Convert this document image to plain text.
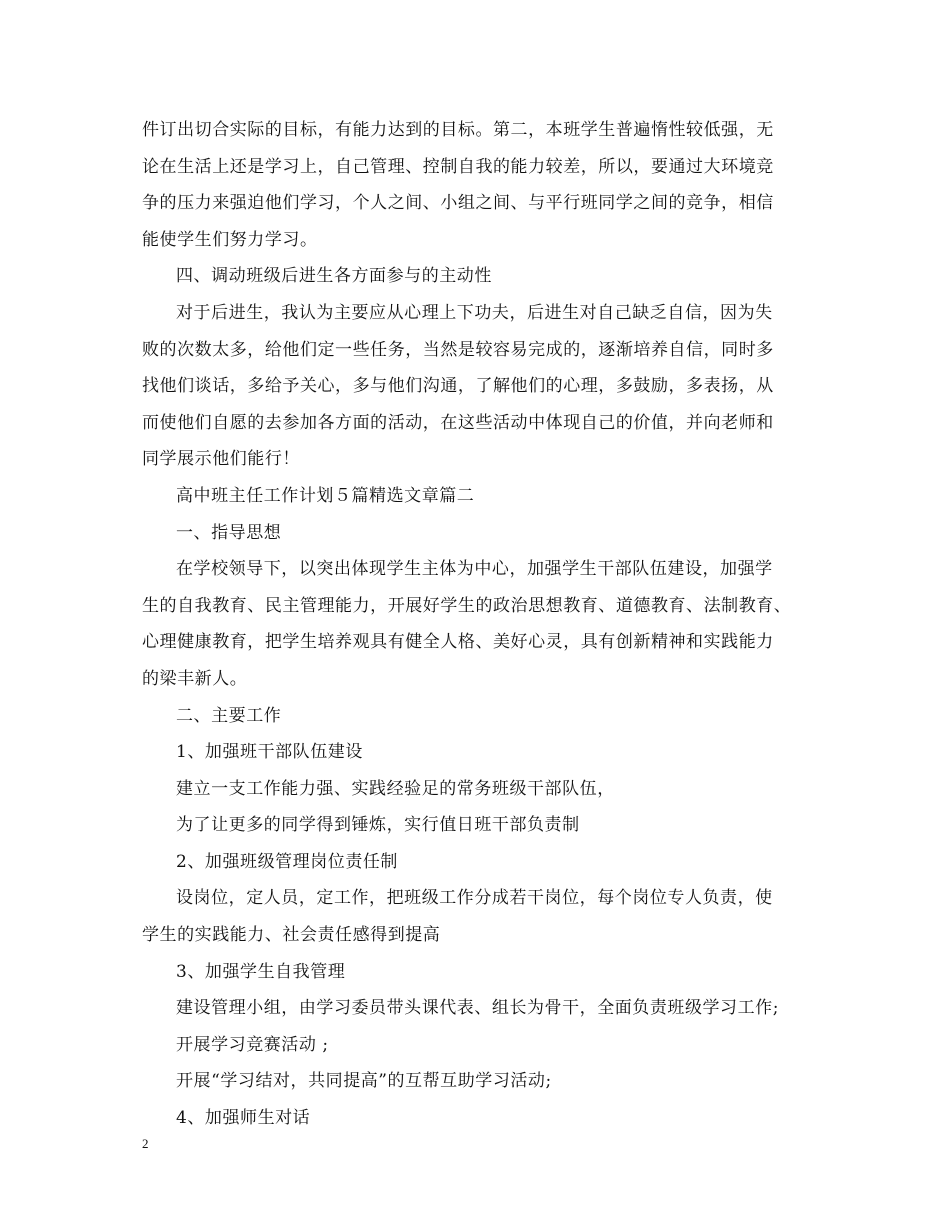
件订出切合实际的目标，有能力达到的目标。第二，本班学生普遍惰性较低强，无
论在生活上还是学习上，自己管理、控制自我的能力较差，所以，要通过大环境竞
争的压力来强迫他们学习，个人之间、小组之间、与平行班同学之间的竞争，相信
能使学生们努力学习。
四、调动班级后进生各方面参与的主动性
对于后进生，我认为主要应从心理上下功夫，后进生对自己缺乏自信，因为失
败的次数太多，给他们定一些任务，当然是较容易完成的，逐渐培养自信，同时多
找他们谈话，多给予关心，多与他们沟通，了解他们的心理，多鼓励，多表扬，从
而使他们自愿的去参加各方面的活动，在这些活动中体现自己的价值，并向老师和
同学展示他们能行！
高中班主任工作计划５篇精选文章篇二
一、指导思想
在学校领导下，以突出体现学生主体为中心，加强学生干部队伍建设，加强学
生的自我教育、民主管理能力，开展好学生的政治思想教育、道德教育、法制教育、
心理健康教育，把学生培养观具有健全人格、美好心灵，具有创新精神和实践能力
的梁丰新人。
二、主要工作
1、加强班干部队伍建设
建立一支工作能力强、实践经验足的常务班级干部队伍，
为了让更多的同学得到锤炼，实行值日班干部负责制
2、加强班级管理岗位责任制
设岗位，定人员，定工作，把班级工作分成若干岗位，每个岗位专人负责，使
学生的实践能力、社会责任感得到提高
3、加强学生自我管理
建设管理小组，由学习委员带头课代表、组长为骨干，全面负责班级学习工作;
开展学习竞赛活动 ;
开展“学习结对，共同提高”的互帮互助学习活动;
4、加强师生对话
2
